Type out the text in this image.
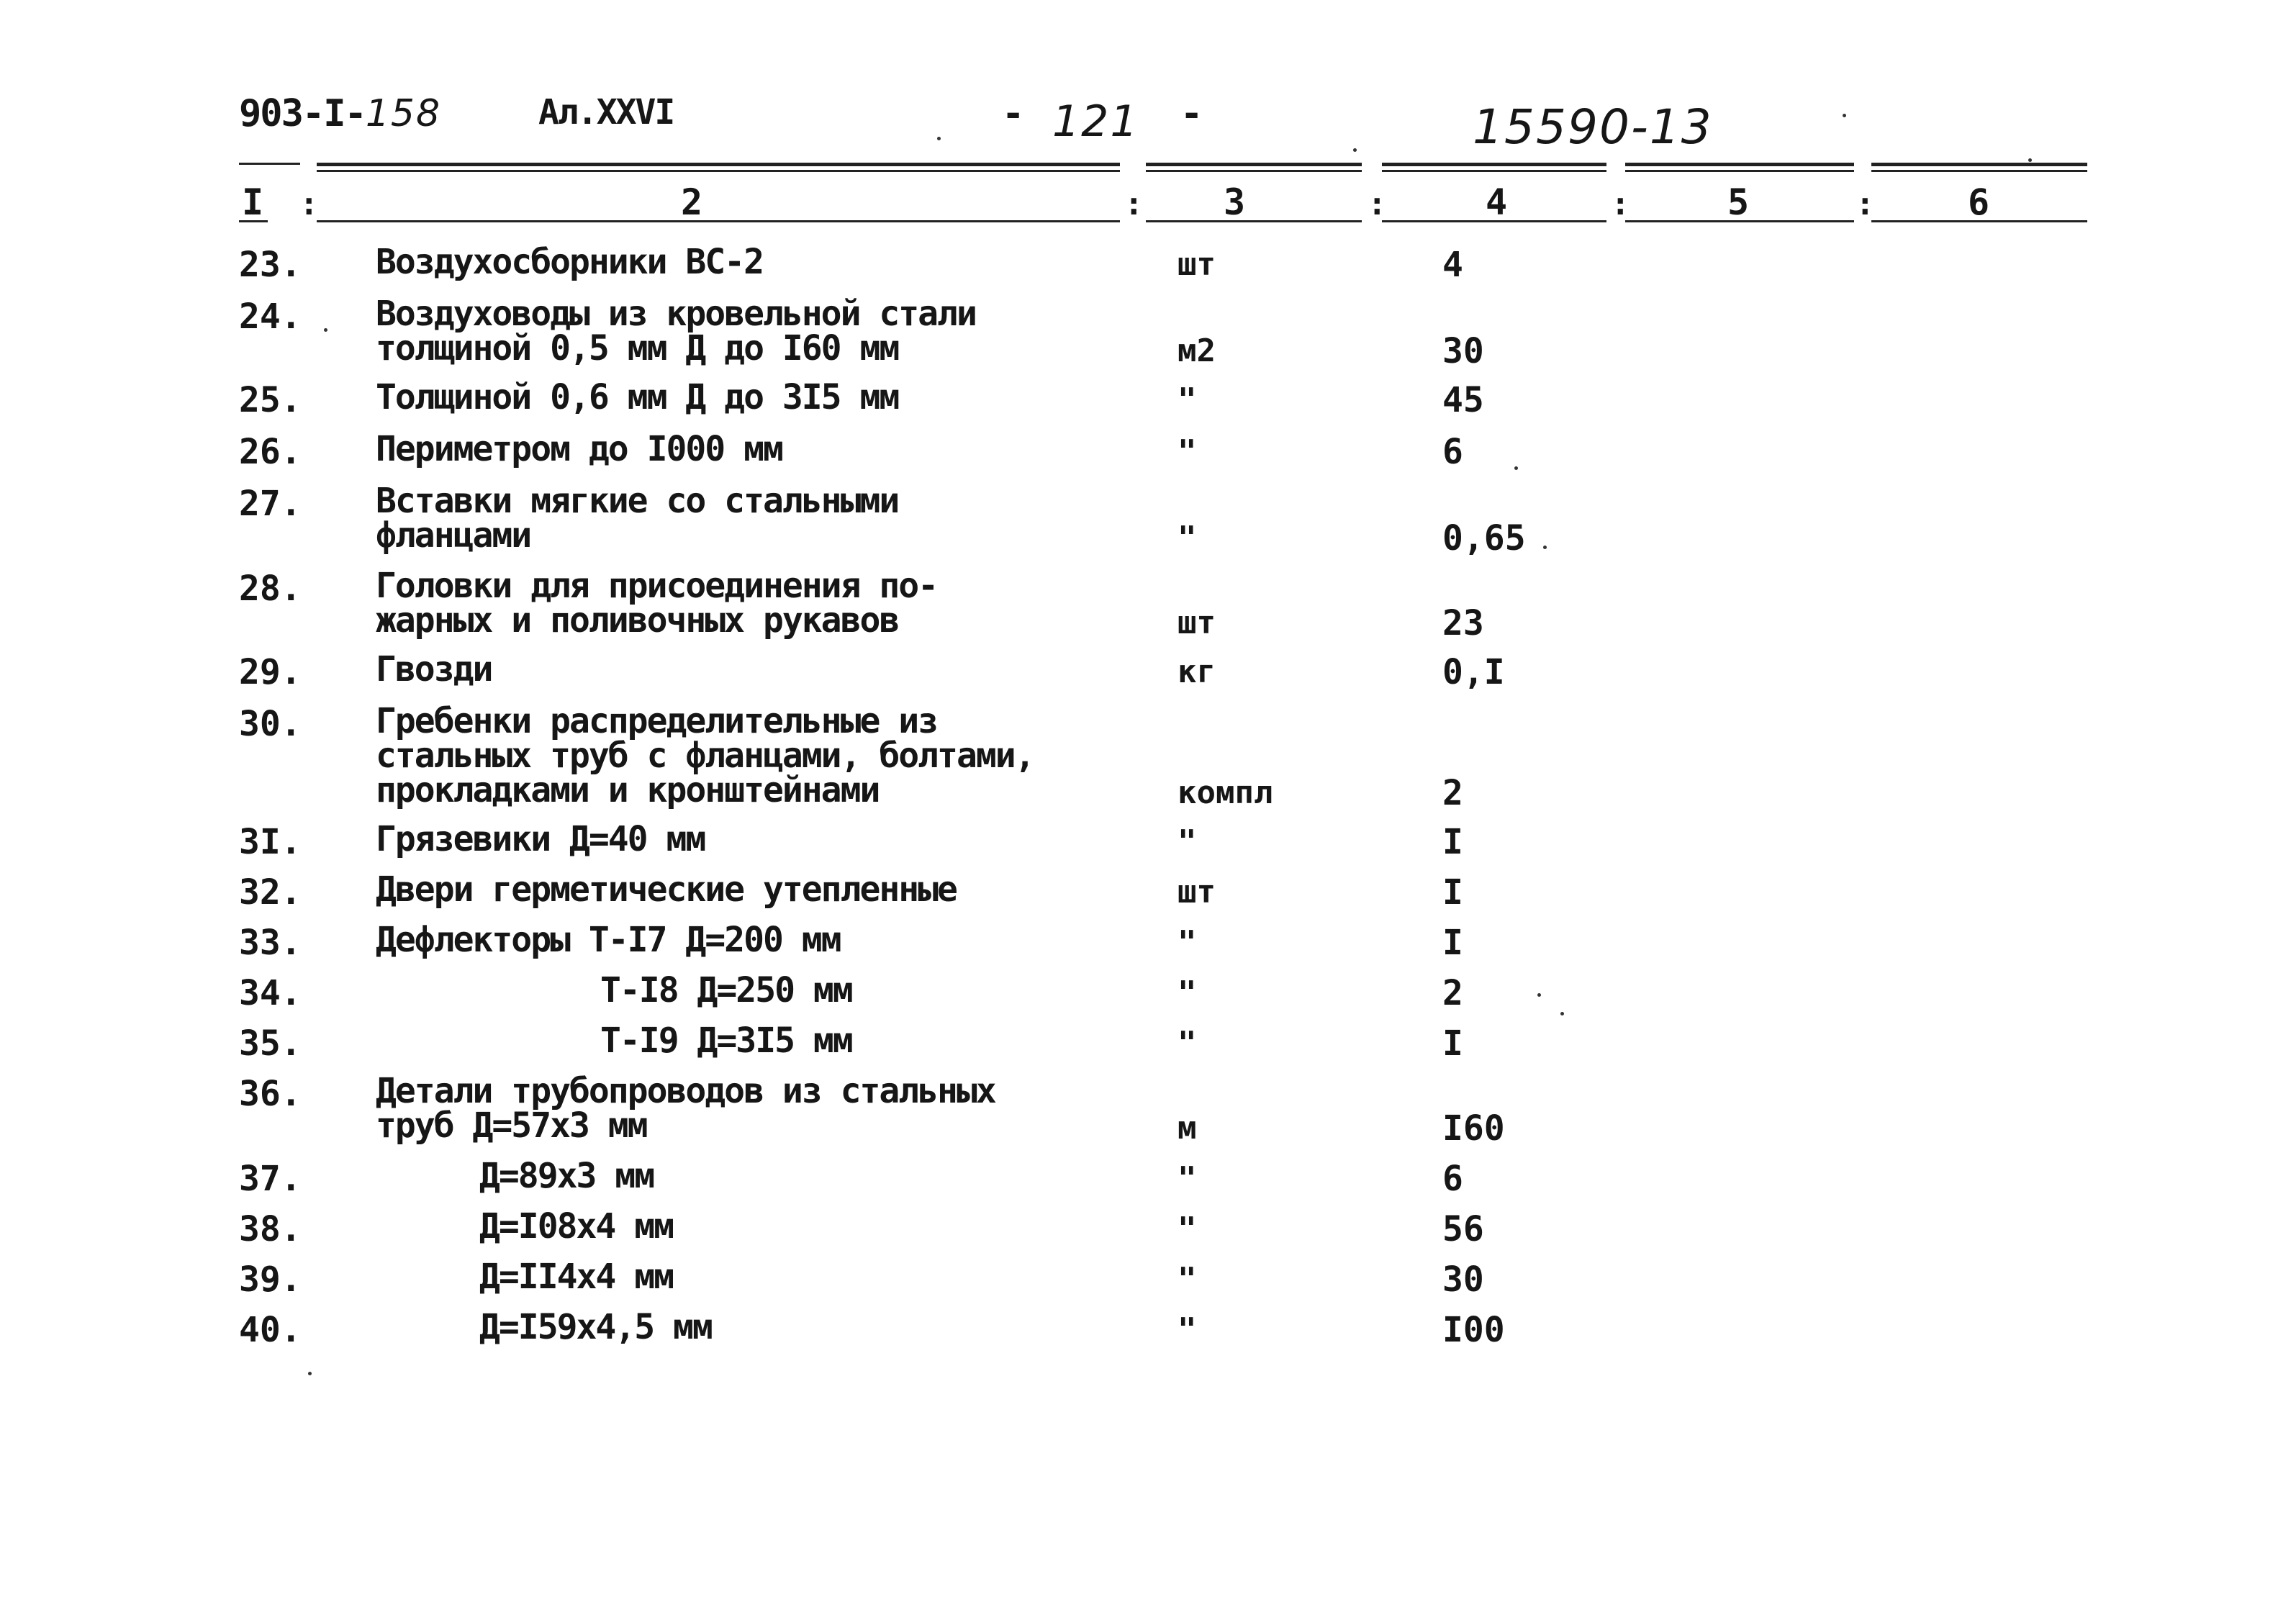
903-I-158	Ал.XXVI	- 121 -	15590-13
I :	2	: 3	:	4	:	5	:	6
23. Воздухосборники ВС-2	шт	4
24. Воздуховоды из кровельной стали
толщиной 0,5 мм Д до I60 мм	м2	30
25. Толщиной 0,6 мм Д до 3I5 мм	"	45
26. Периметром до I000 мм	"	6
27. Вставки мягкие со стальными
фланцами	"	0,65
28. Головки для присоединения по-
жарных и поливочных рукавов	шт	23
29. Гвозди	кг	0,I
30. Гребенки распределительные из
стальных труб с фланцами, болтами,
прокладками и кронштейнами	компл	2
3I. Грязевики Д=40 мм	"	I
32. Двери герметические утепленные	шт	I
33. Дефлекторы Т-I7 Д=200 мм	"	I
34.	Т-I8 Д=250 мм	"	2
35.	Т-I9 Д=3I5 мм	"	I
36. Детали трубопроводов из стальных
труб Д=57х3 мм	м	I60
37.	Д=89х3 мм	"	6
38.	Д=I08х4 мм	"	56
39.	Д=II4х4 мм	"	30
40.	Д=I59х4,5 мм	"	I00
